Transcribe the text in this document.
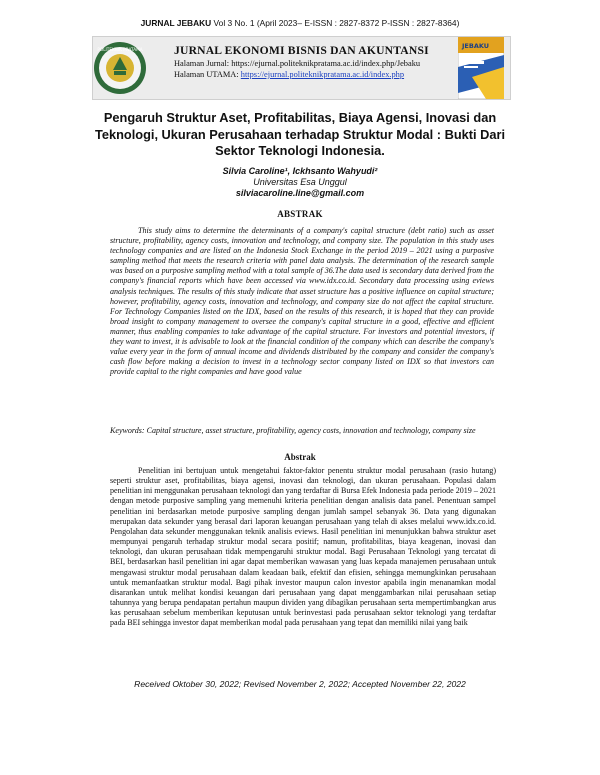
JURNAL JEBAKU Vol 3 No. 1 (April 2023– E-ISSN : 2827-8372 P-ISSN : 2827-8364)
POLITEKNIK PRATAMA	JURNAL EKONOMI BISNIS DAN AKUNTANSI
Halaman Jurnal: https://ejurnal.politeknikpratama.ac.id/index.php/Jebaku
Halaman UTAMA: https://ejurnal.politeknikpratama.ac.id/index.php
JEBAKU
Pengaruh Struktur Aset, Profitabilitas, Biaya Agensi, Inovasi dan Teknologi, Ukuran Perusahaan terhadap Struktur Modal : Bukti Dari Sektor Teknologi Indonesia.
Silvia Caroline¹, Ickhsanto Wahyudi²
Universitas Esa Unggul
silviacaroline.line@gmail.com
ABSTRAK

This study aims to determine the determinants of a company's capital structure (debt ratio) such as asset structure, profitability, agency costs, innovation and technology, and company size. The population in this study uses technology companies and are listed on the Indonesia Stock Exchange in the period 2019 – 2021 using a purposive sampling method that meets the research criteria with panel data analysis. The determination of the research sample was based on a purposive sampling method with a total sample of 36.The data used is secondary data derived from the company's financial reports which have been accessed via www.idx.co.id. Secondary data processing using eviews analysis techniques. The results of this study indicate that asset structure has a positive influence on capital structure; however, profitability, agency costs, innovation and technology, and company size do not affect the capital structure. For Technology Companies listed on the IDX, based on the results of this research, it is hoped that they can provide broad insight to company management to oversee the company's capital structure in a good, effective and efficient manner, thus enabling companies to take advantage of the capital structure. For investors and potential investors, if they want to invest, it is advisable to look at the financial condition of the company which can describe the company's value every year in the form of annual income and dividends distributed by the company and consider the company's cash flow before making a decision to invest in a technology sector company listed on IDX so that investors can provide capital to the right companies and have good value

Keywords: Capital structure, asset structure, profitability, agency costs, innovation and technology, company size

Abstrak

Penelitian ini bertujuan untuk mengetahui faktor-faktor penentu struktur modal perusahaan (rasio hutang) seperti struktur aset, profitabilitas, biaya agensi, inovasi dan teknologi, dan ukuran perusahaan. Populasi dalam penelitian ini menggunakan perusahaan teknologi dan yang terdaftar di Bursa Efek Indonesia pada periode 2019 – 2021 dengan metode purposive sampling yang memenuhi kriteria penelitian dengan analisis data panel. Penentuan sampel penelitian ini berdasarkan metode purposive sampling dengan jumlah sampel sebanyak 36. Data yang digunakan merupakan data sekunder yang berasal dari laporan keuangan perusahaan yang telah di akses melalui www.idx.co.id. Pengolahan data sekunder menggunakan teknik analisis eviews. Hasil penelitian ini menunjukkan bahwa struktur aset mempunyai pengaruh terhadap struktur modal secara positif; namun, profitabilitas, biaya keagenan, inovasi dan teknologi, dan ukuran perusahaan tidak mempengaruhi struktur modal. Bagi Perusahaan Teknologi yang tercatat di BEI, berdasarkan hasil penelitian ini agar dapat memberikan wawasan yang luas kepada manajemen perusahaan untuk mengawasi struktur modal perusahaan dalam keadaan baik, efektif dan efisien, sehingga memungkinkan perusahaan untuk memanfaatkan struktur modal. Bagi pihak investor maupun calon investor apabila ingin menanamkan modal disarankan untuk melihat kondisi keuangan dari perusahaan yang dapat menggambarkan nilai perusahaan setiap tahunnya yang berupa pendapatan pertahun maupun dividen yang dibagikan perusahaan serta mempertimbangkan arus kas perusahaan sebelum memberikan keputusan untuk berinvestasi pada perusahaan sektor teknologi yang terdaftar pada BEI sehingga investor dapat memberikan modal pada perusahaan yang tepat dan memiliki nilai yang baik

Received Oktober 30, 2022; Revised November 2, 2022; Accepted November 22, 2022
